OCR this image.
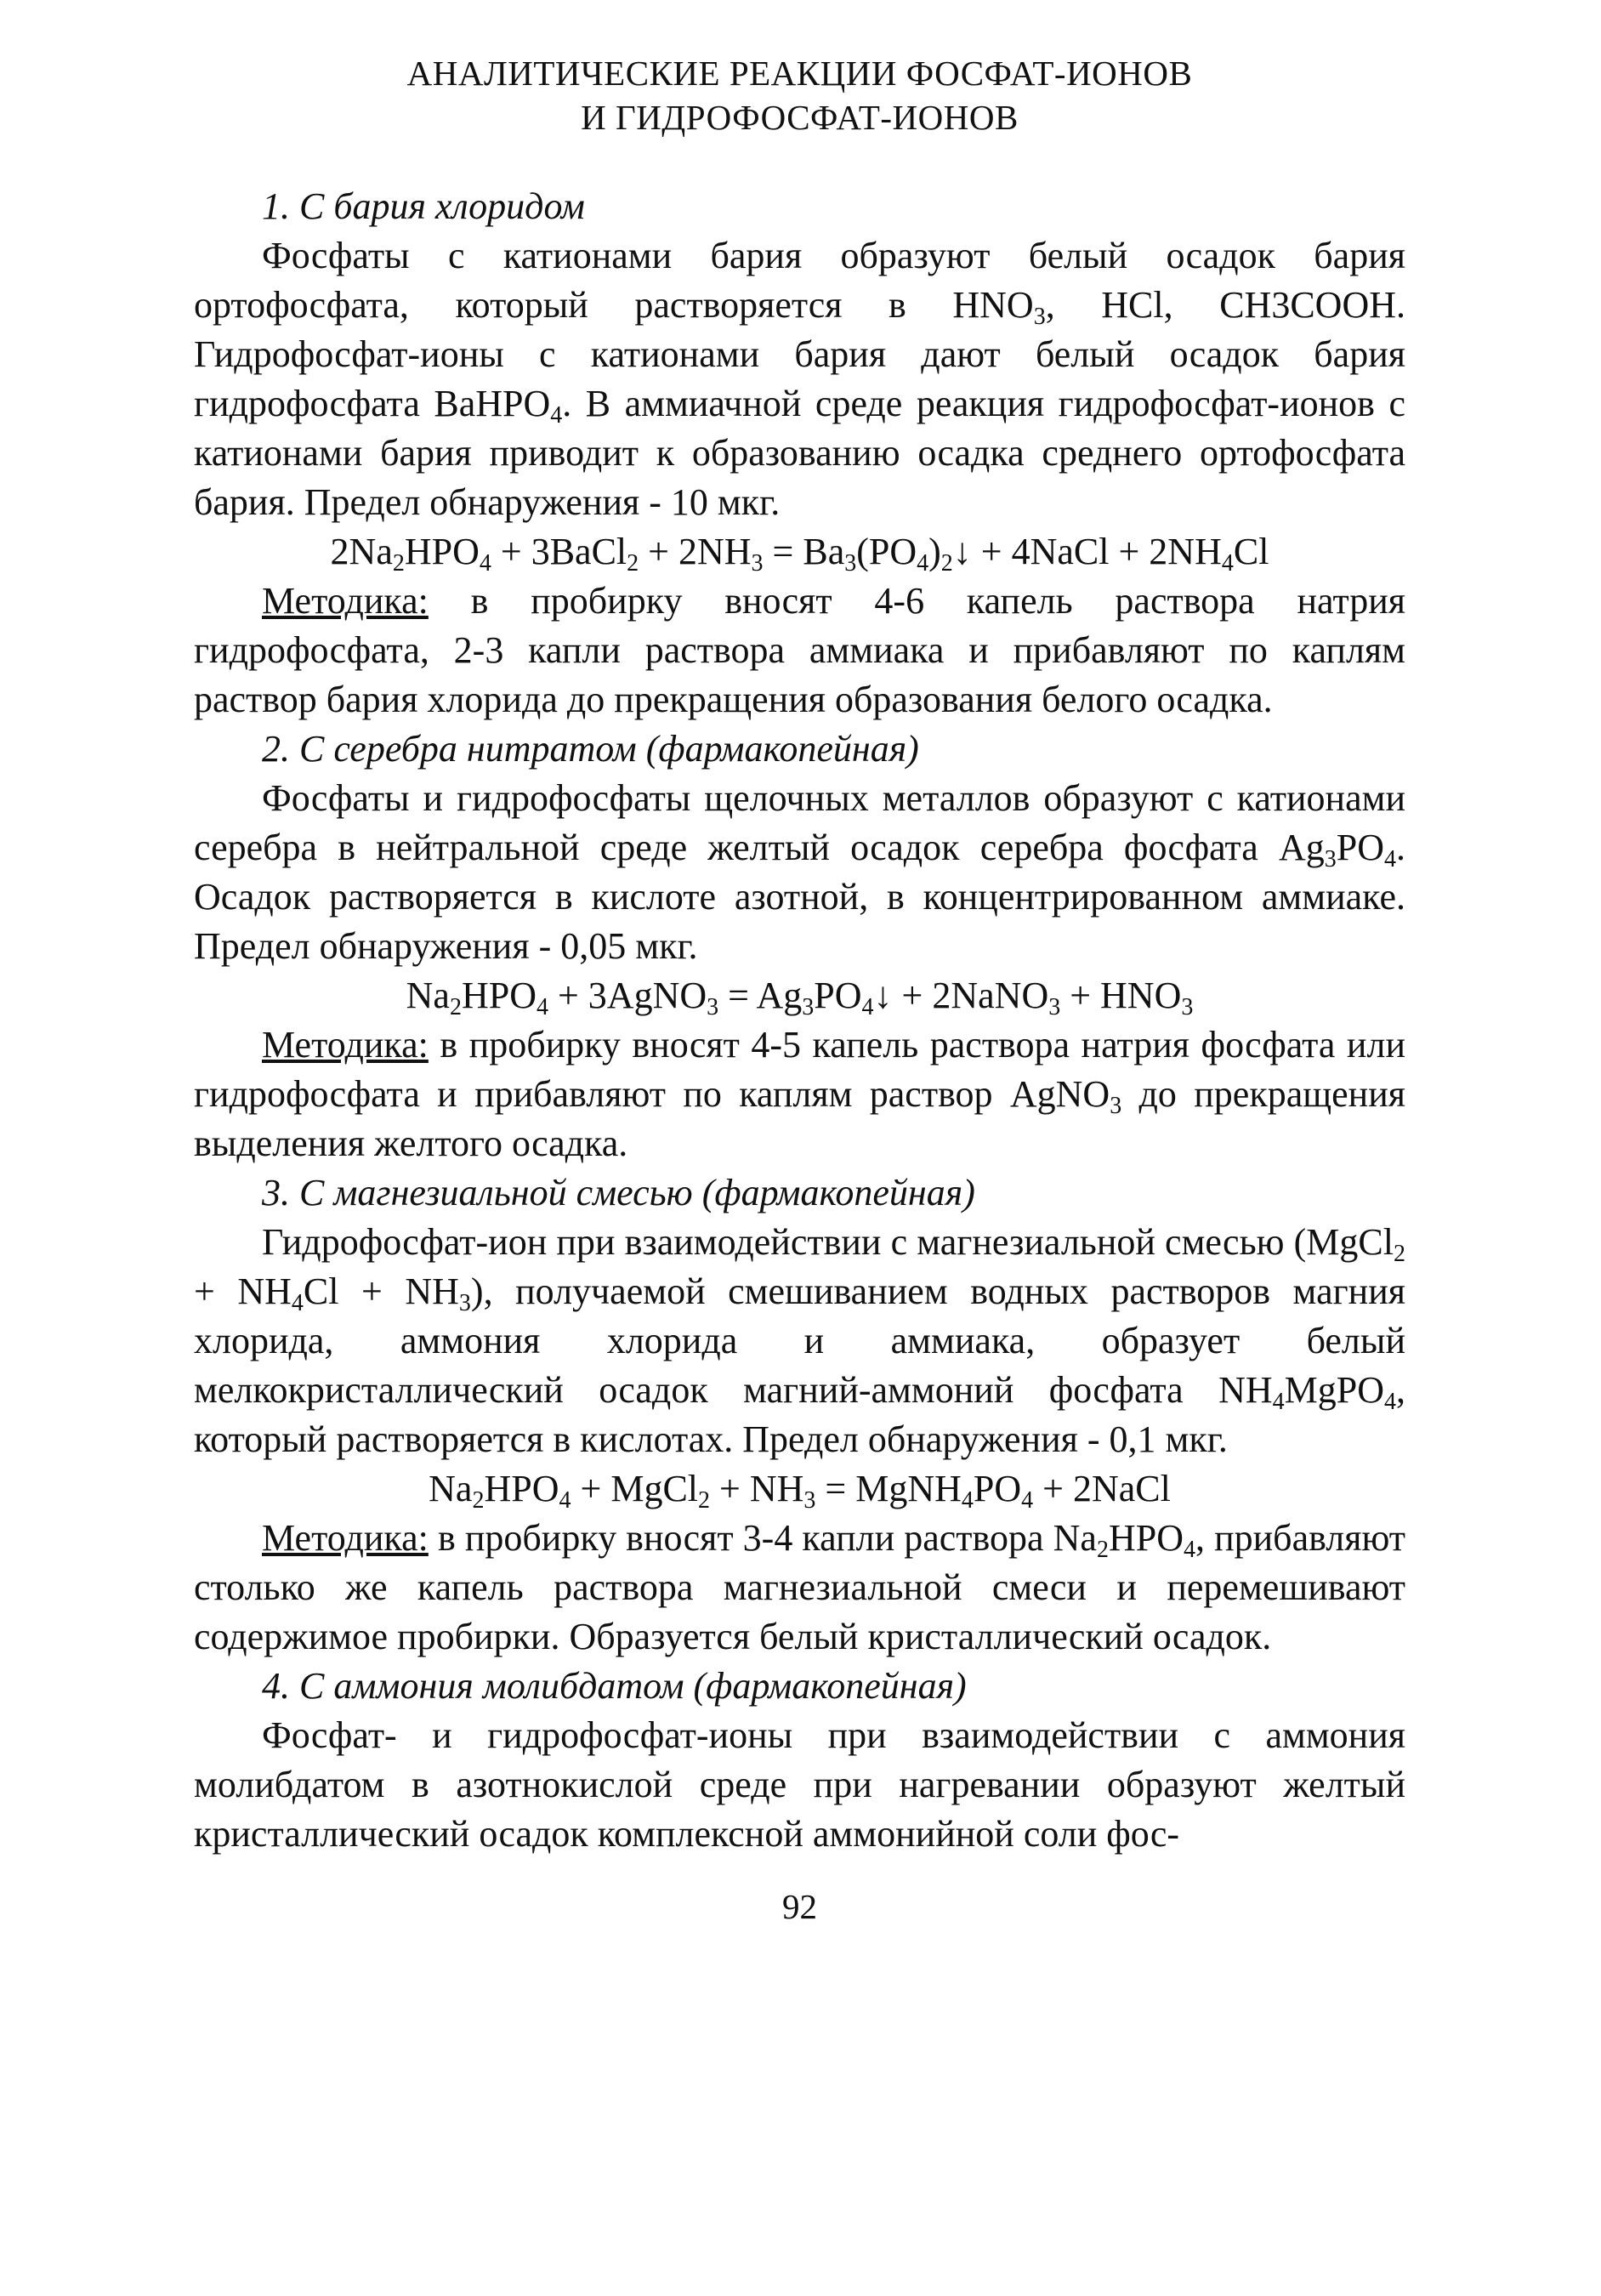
АНАЛИТИЧЕСКИЕ РЕАКЦИИ ФОСФАТ-ИОНОВ
И ГИДРОФОСФАТ-ИОНОВ

1. С бария хлоридом

Фосфаты с катионами бария образуют белый осадок бария ортофосфата, который растворяется в $HNO_3$, HCl, CH3COOH. Гидрофосфат-ионы с катионами бария дают белый осадок бария гидрофосфата BaHPO$_4$. В аммиачной среде реакция гидрофосфат-ионов с катионами бария приводит к образованию осадка среднего ортофосфата бария. Предел обнаружения - 10 мкг.

$2Na_2HPO_4$ + 3BaCl$_2$ + $2NH_3$ = $Ba_3(PO_4)_2↓$ + 4NaCl + $2NH_4Cl$

Методика: в пробирку вносят 4-6 капель раствора натрия гидрофосфата, 2-3 капли раствора аммиака и прибавляют по каплям раствор бария хлорида до прекращения образования белого осадка.

2. С серебра нитратом (фармакопейная)

Фосфаты и гидрофосфаты щелочных металлов образуют с катионами серебра в нейтральной среде желтый осадок серебра фосфата $Ag_3PO_4$. Осадок растворяется в кислоте азотной, в концентрированном аммиаке. Предел обнаружения - 0,05 мкг.

$Na_2HPO_4$ + 3AgNO$_3$ = $Ag_3PO_4↓$ + 2NaNO$_3$ + $HNO_3$

Методика: в пробирку вносят 4-5 капель раствора натрия фосфата или гидрофосфата и прибавляют по каплям раствор AgNO$_3$ до прекращения выделения желтого осадка.

3. С магнезиальной смесью (фармакопейная)

Гидрофосфат-ион при взаимодействии с магнезиальной смесью (MgCl$_2$ + $NH_4Cl + NH_3$), получаемой смешиванием водных растворов магния хлорида, аммония хлорида и аммиака, образует белый мелкокристаллический осадок магний-аммоний фосфата $NH_4MgPO_4$, который растворяется в кислотах. Предел обнаружения - 0,1 мкг.

$Na_2HPO_4$ + MgCl$_2$ + $NH_3$ = $MgNH_4PO_4$ + 2NaCl

Методика: в пробирку вносят 3-4 капли раствора $Na_2HPO_4$, прибавляют столько же капель раствора магнезиальной смеси и перемешивают содержимое пробирки. Образуется белый кристаллический осадок.

4. С аммония молибдатом (фармакопейная)

Фосфат- и гидрофосфат-ионы при взаимодействии с аммония молибдатом в азотнокислой среде при нагревании образуют желтый кристаллический осадок комплексной аммонийной соли фос-

92
